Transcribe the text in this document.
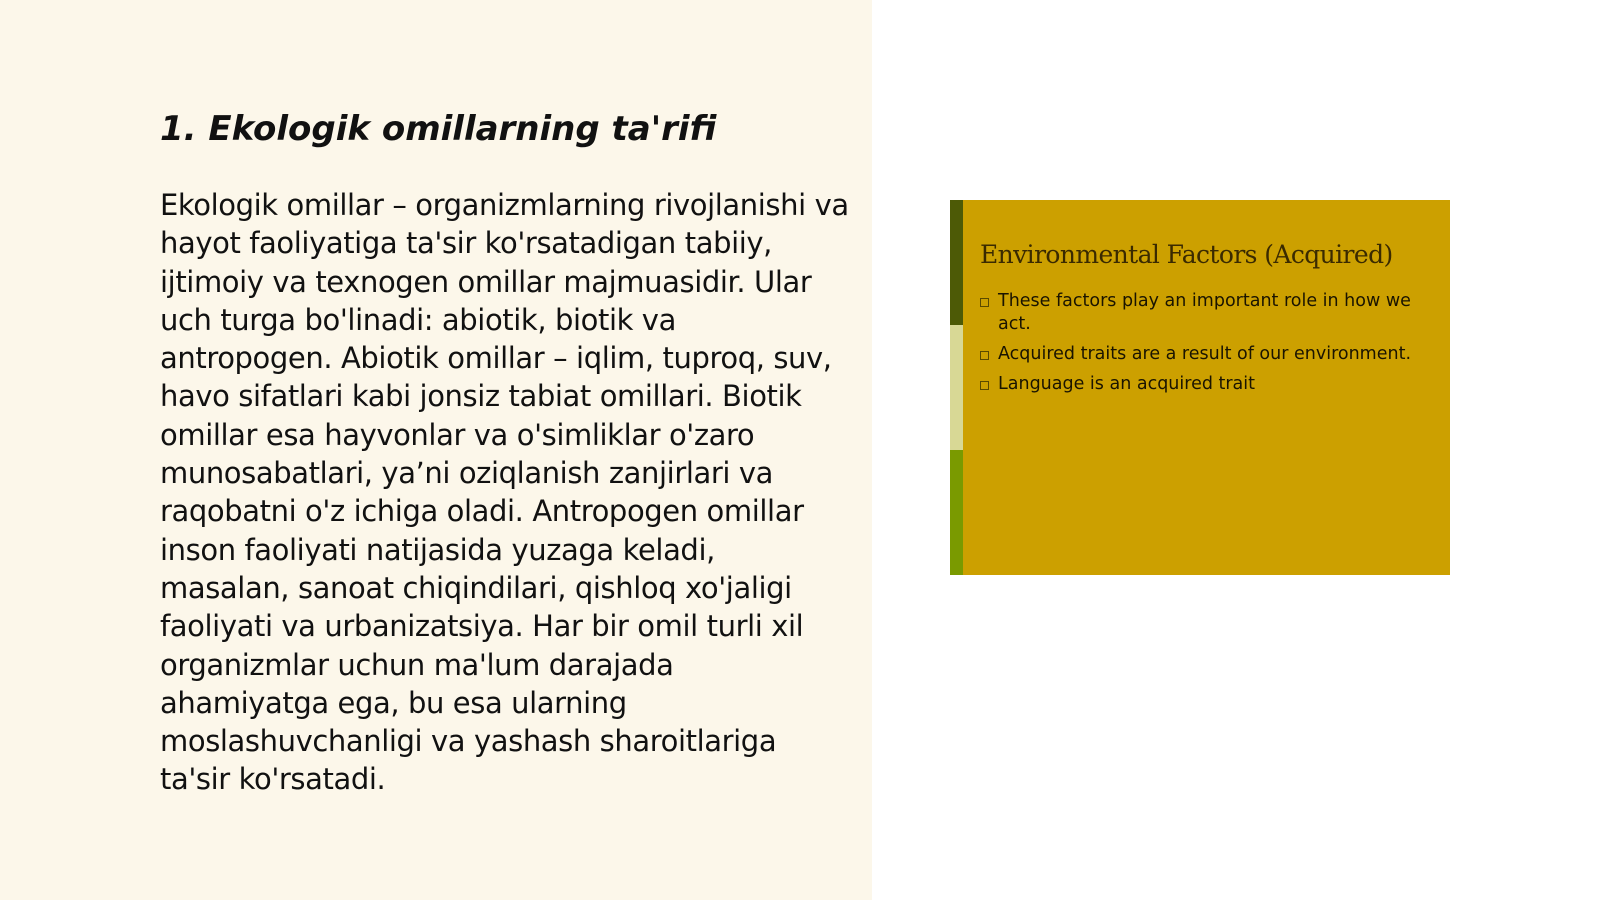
1. Ekologik omillarning ta'rifi

Ekologik omillar – organizmlarning rivojlanishi va hayot faoliyatiga ta'sir ko'rsatadigan tabiiy, ijtimoiy va texnogen omillar majmuasidir. Ular uch turga bo'linadi: abiotik, biotik va antropogen. Abiotik omillar – iqlim, tuproq, suv, havo sifatlari kabi jonsiz tabiat omillari. Biotik omillar esa hayvonlar va o'simliklar o'zaro munosabatlari, ya’ni oziqlanish zanjirlari va raqobatni o'z ichiga oladi. Antropogen omillar inson faoliyati natijasida yuzaga keladi, masalan, sanoat chiqindilari, qishloq xo'jaligi faoliyati va urbanizatsiya. Har bir omil turli xil organizmlar uchun ma'lum darajada ahamiyatga ega, bu esa ularning moslashuvchanligi va yashash sharoitlariga ta'sir ko'rsatadi.

Environmental Factors (Acquired)
These factors play an important role in how we act.
Acquired traits are a result of our environment.
Language is an acquired trait
